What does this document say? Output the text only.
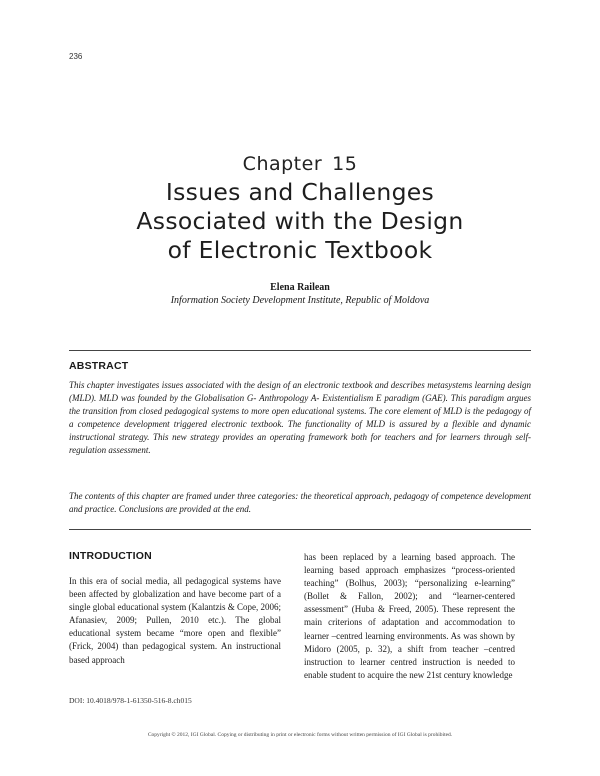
236
Chapter 15
Issues and Challenges
Associated with the Design
of Electronic Textbook
Elena Railean
Information Society Development Institute, Republic of Moldova
ABSTRACT
This chapter investigates issues associated with the design of an electronic textbook and describes metasystems learning design (MLD). MLD was founded by the Globalisation G- Anthropology A- Existentialism E paradigm (GAE). This paradigm argues the transition from closed pedagogical systems to more open educational systems. The core element of MLD is the pedagogy of a competence development triggered electronic textbook. The functionality of MLD is assured by a flexible and dynamic instructional strategy. This new strategy provides an operating framework both for teachers and for learners through self-regulation assessment.
The contents of this chapter are framed under three categories: the theoretical approach, pedagogy of competence development and practice. Conclusions are provided at the end.
INTRODUCTION
In this era of social media, all pedagogical systems have been affected by globalization and have become part of a single global educational system (Kalantzis & Cope, 2006; Afanasiev, 2009; Pullen, 2010 etc.). The global educational system became “more open and flexible” (Frick, 2004) than pedagogical system. An instructional based approach
has been replaced by a learning based approach. The learning based approach emphasizes “process-oriented teaching” (Bolhus, 2003); “personalizing e-learning” (Bollet & Fallon, 2002); and “learner-centered assessment” (Huba & Freed, 2005). These represent the main criterions of adaptation and accommodation to learner –centred learning environments. As was shown by Midoro (2005, p. 32), a shift from teacher –centred instruction to learner centred instruction is needed to enable student to acquire the new 21st century knowledge
DOI: 10.4018/978-1-61350-516-8.ch015
Copyright © 2012, IGI Global. Copying or distributing in print or electronic forms without written permission of IGI Global is prohibited.
